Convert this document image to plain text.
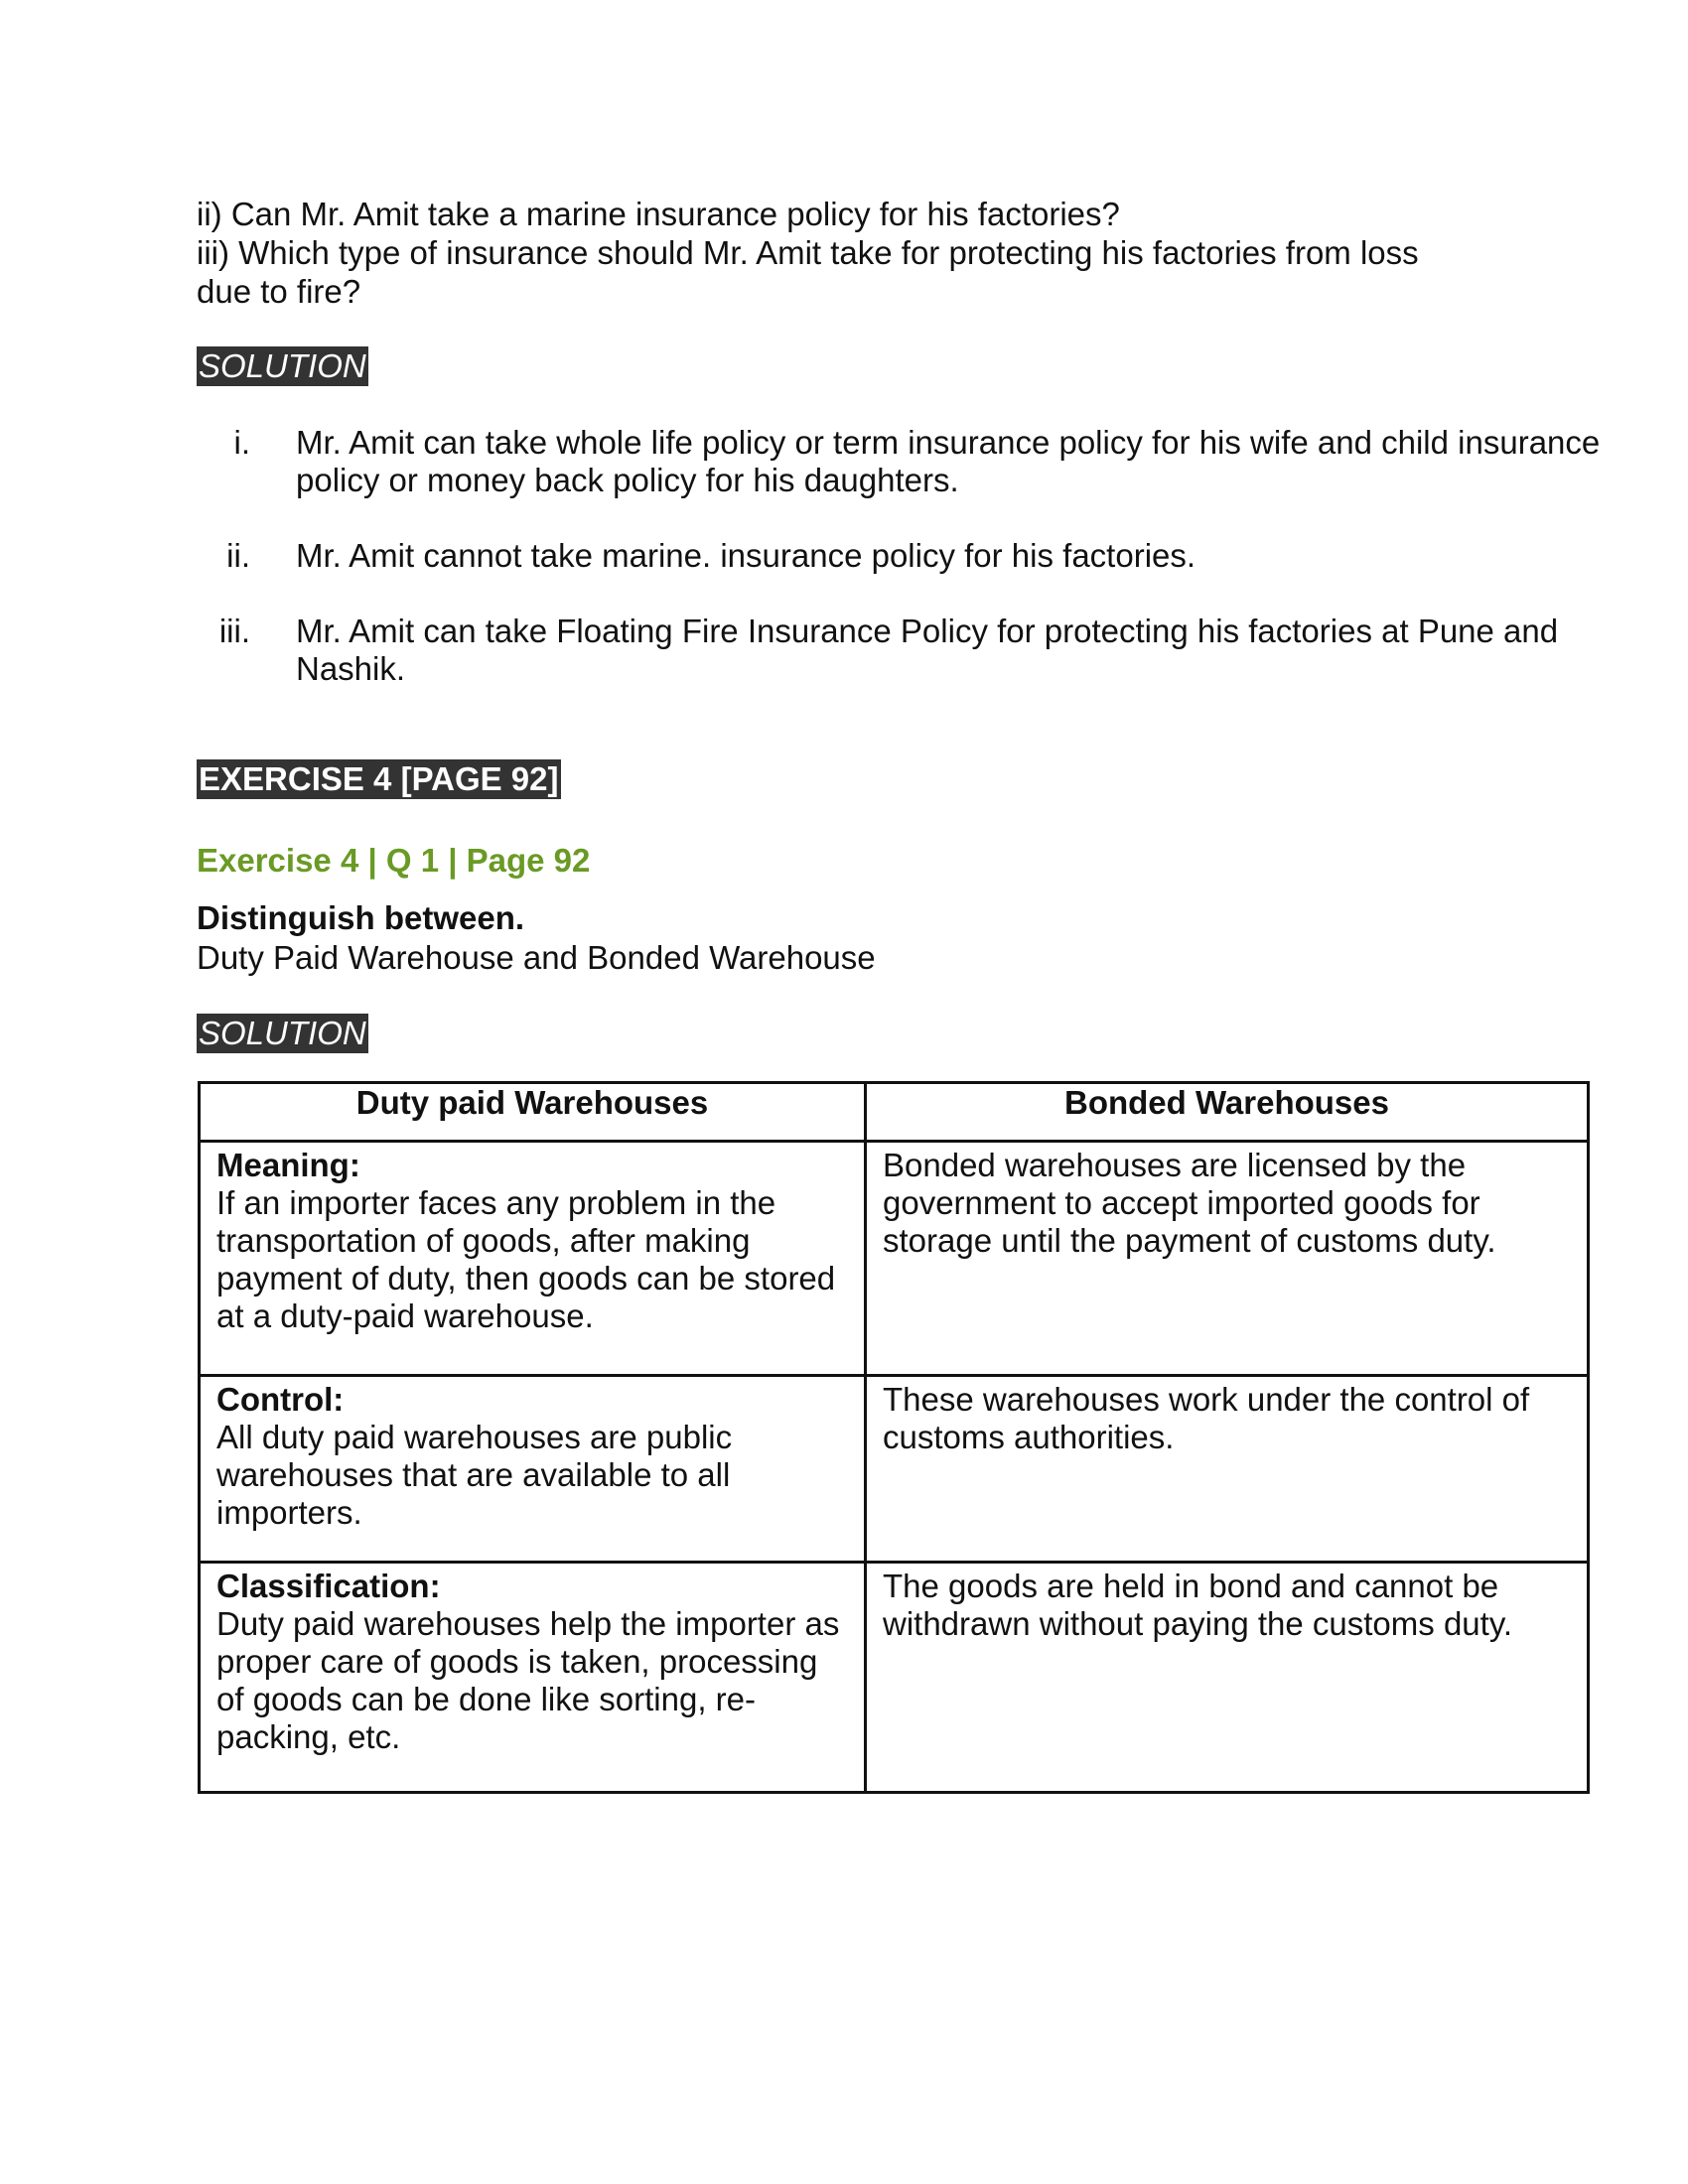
ii) Can Mr. Amit take a marine insurance policy for his factories?

iii) Which type of insurance should Mr. Amit take for protecting his factories from loss

due to fire?

SOLUTION
i. Mr. Amit can take whole life policy or term insurance policy for his wife and child insurance policy or money back policy for his daughters.
ii. Mr. Amit cannot take marine. insurance policy for his factories.
iii. Mr. Amit can take Floating Fire Insurance Policy for protecting his factories at Pune and Nashik.
EXERCISE 4 [PAGE 92]

Exercise 4 | Q 1 | Page 92

Distinguish between.

Duty Paid Warehouse and Bonded Warehouse

SOLUTION
Duty paid Warehouses	Bonded Warehouses

Meaning:
If an importer faces any problem in the transportation of goods, after making payment of duty, then goods can be stored at a duty-paid warehouse.	Bonded warehouses are licensed by the government to accept imported goods for storage until the payment of customs duty.

Control:
All duty paid warehouses are public warehouses that are available to all importers.	These warehouses work under the control of customs authorities.

Classification:
Duty paid warehouses help the importer as proper care of goods is taken, processing of goods can be done like sorting, re-packing, etc.	The goods are held in bond and cannot be withdrawn without paying the customs duty.
